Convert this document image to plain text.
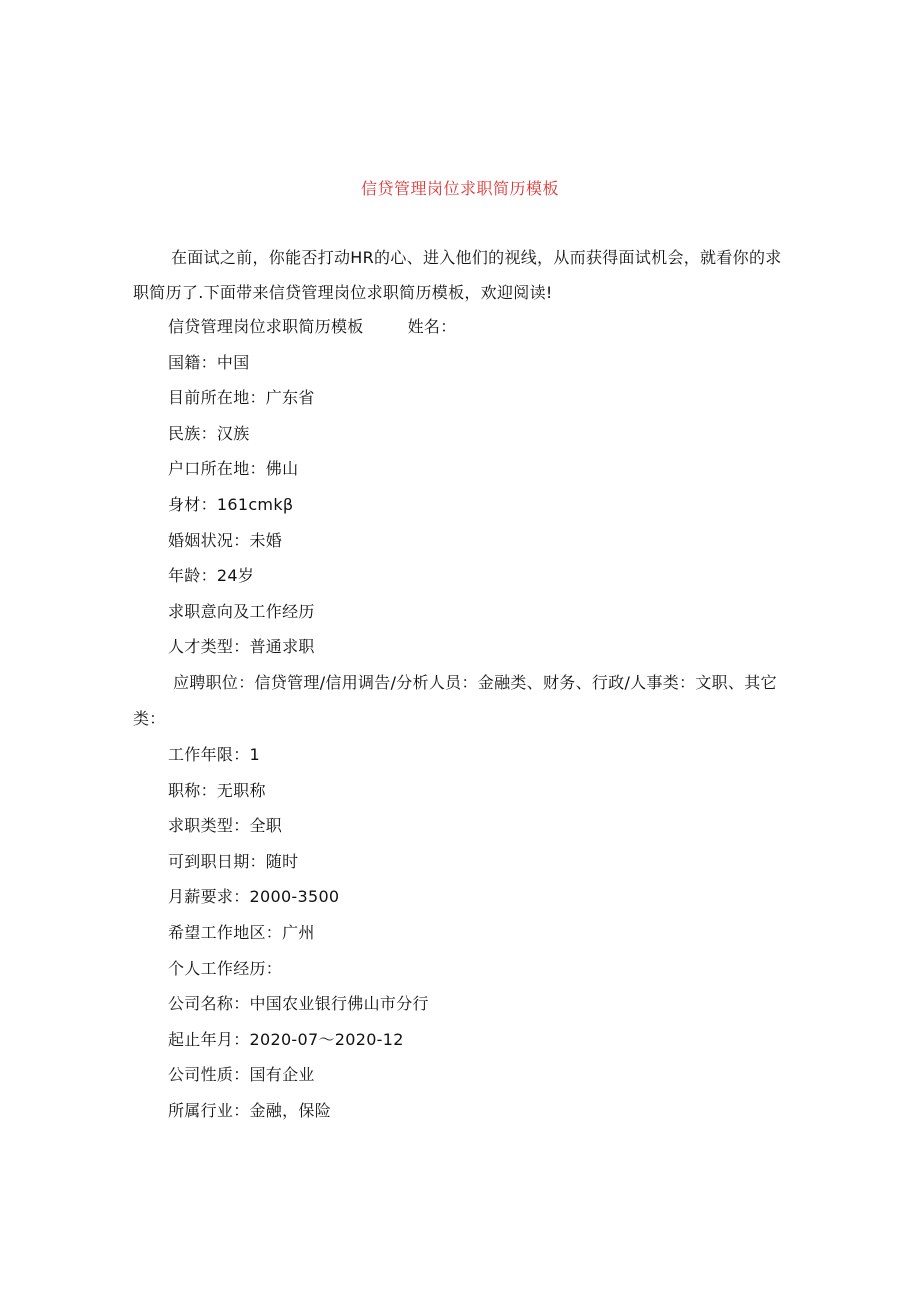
信贷管理岗位求职简历模板
在面试之前，你能否打动HR的心、进入他们的视线，从而获得面试机会，就看你的求职简历了.下面带来信贷管理岗位求职简历模板，欢迎阅读!
信贷管理岗位求职简历模板	姓名：
国籍：中国
目前所在地：广东省
民族：汉族
户口所在地：佛山
身材：161cmkβ
婚姻状况：未婚
年龄：24岁
求职意向及工作经历
人才类型：普通求职
应聘职位：信贷管理/信用调告/分析人员：金融类、财务、行政/人事类：文职、其它类：
工作年限：1
职称：无职称
求职类型：全职
可到职日期：随时
月薪要求：2000-3500
希望工作地区：广州
个人工作经历：
公司名称：中国农业银行佛山市分行
起止年月：2020-07～2020-12
公司性质：国有企业
所属行业：金融，保险
